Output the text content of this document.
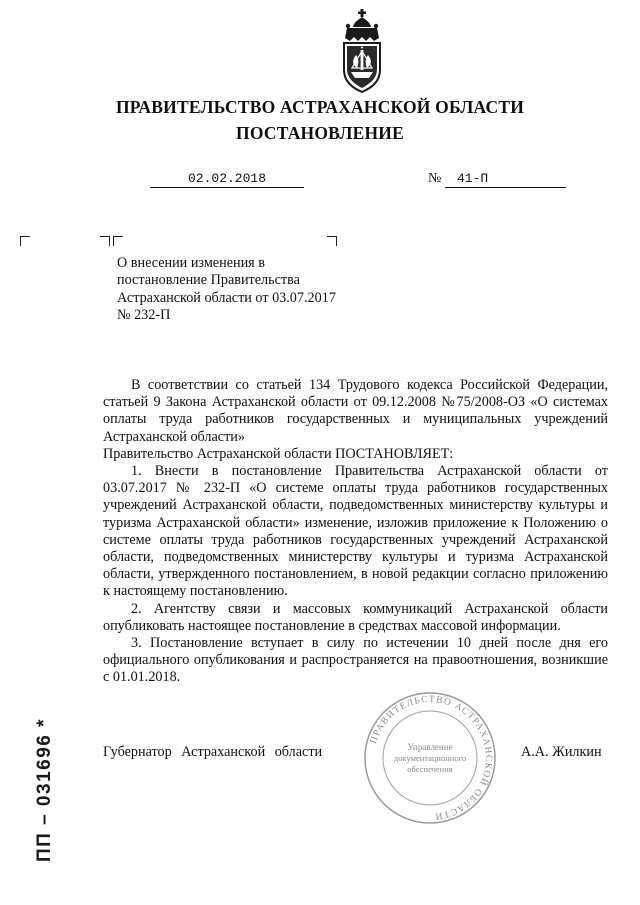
ПРАВИТЕЛЬСТВО АСТРАХАНСКОЙ ОБЛАСТИ
ПОСТАНОВЛЕНИЕ
02.02.2018	№	41-П
О внесении изменения в постановление Правительства Астраханской области от 03.07.2017 № 232-П

В соответствии со статьей 134 Трудового кодекса Российской Федерации, статьей 9 Закона Астраханской области от 09.12.2008 №75/2008-ОЗ «О системах оплаты труда работников государственных и муниципальных учреждений Астраханской области»

Правительство Астраханской области ПОСТАНОВЛЯЕТ:

1. Внести в постановление Правительства Астраханской области от 03.07.2017 № 232-П «О системе оплаты труда работников государственных учреждений Астраханской области, подведомственных министерству культуры и туризма Астраханской области» изменение, изложив приложение к Положению о системе оплаты труда работников государственных учреждений Астраханской области, подведомственных министерству культуры и туризма Астраханской области, утвержденного постановлением, в новой редакции согласно приложению к настоящему постановлению.

2. Агентству связи и массовых коммуникаций Астраханской области опубликовать настоящее постановление в средствах массовой информации.

3. Постановление вступает в силу по истечении 10 дней после дня его официального опубликования и распространяется на правоотношения, возникшие с 01.01.2018.

ПРАВИТЕЛЬСТВО АСТРАХАНСКОЙ ОБЛАСТИ
Управление
документационного
обеспечения
Губернатор Астраханской области	А.А. Жилкин
ПП – 031696 *
